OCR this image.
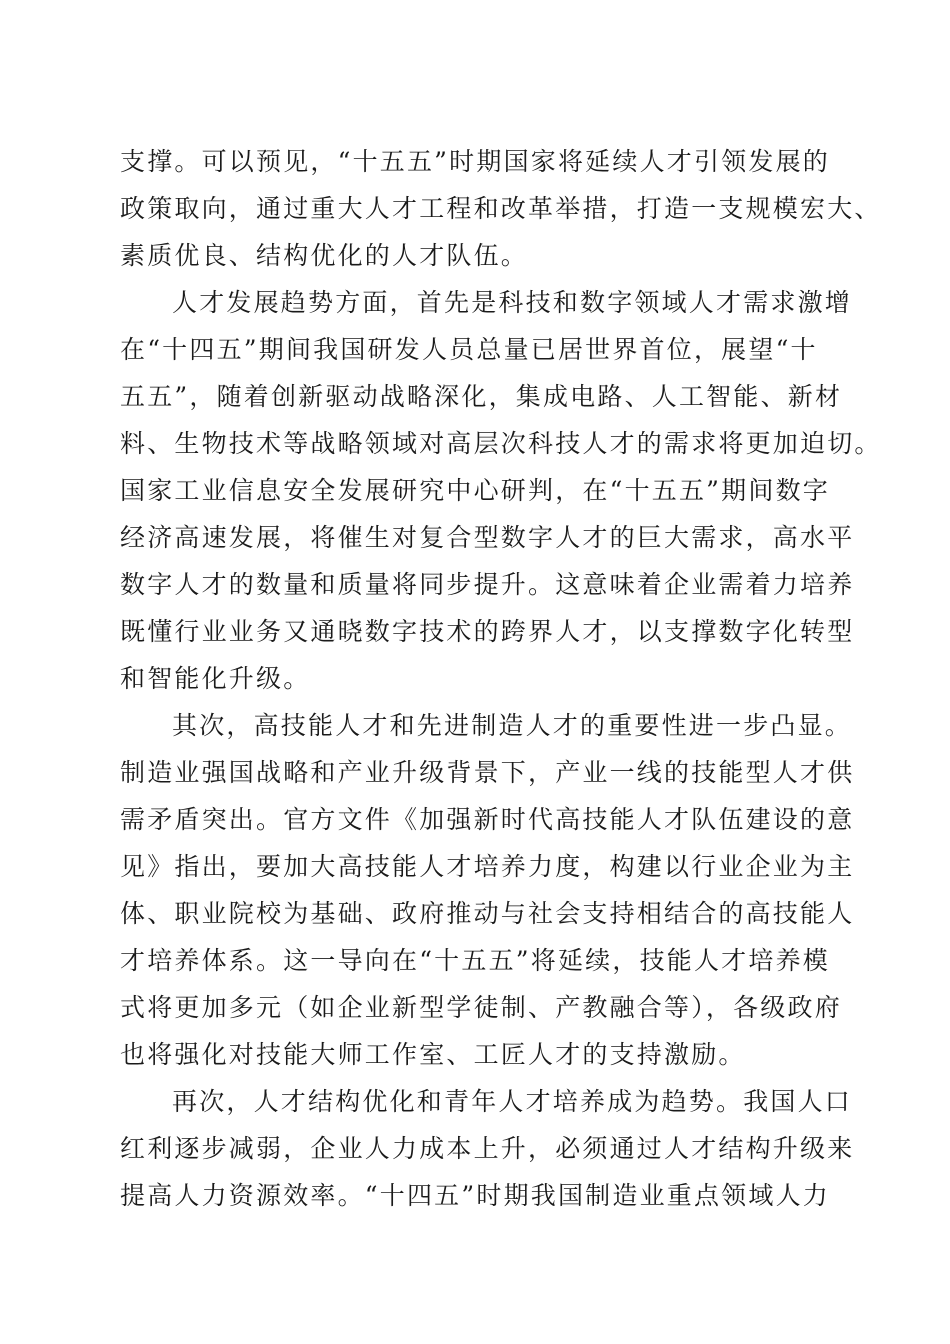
支撑。可以预见，“十五五”时期国家将延续人才引领发展的
政策取向，通过重大人才工程和改革举措，打造一支规模宏大、
素质优良、结构优化的人才队伍。
人才发展趋势方面，首先是科技和数字领域人才需求激增
在“十四五”期间我国研发人员总量已居世界首位，展望“十
五五”，随着创新驱动战略深化，集成电路、人工智能、新材
料、生物技术等战略领域对高层次科技人才的需求将更加迫切。
国家工业信息安全发展研究中心研判，在“十五五”期间数字
经济高速发展，将催生对复合型数字人才的巨大需求，高水平
数字人才的数量和质量将同步提升。这意味着企业需着力培养
既懂行业业务又通晓数字技术的跨界人才，以支撑数字化转型
和智能化升级。
其次，高技能人才和先进制造人才的重要性进一步凸显。
制造业强国战略和产业升级背景下，产业一线的技能型人才供
需矛盾突出。官方文件《加强新时代高技能人才队伍建设的意
见》指出，要加大高技能人才培养力度，构建以行业企业为主
体、职业院校为基础、政府推动与社会支持相结合的高技能人
才培养体系。这一导向在“十五五”将延续，技能人才培养模
式将更加多元（如企业新型学徒制、产教融合等），各级政府
也将强化对技能大师工作室、工匠人才的支持激励。
再次，人才结构优化和青年人才培养成为趋势。我国人口
红利逐步减弱，企业人力成本上升，必须通过人才结构升级来
提高人力资源效率。“十四五”时期我国制造业重点领域人力
